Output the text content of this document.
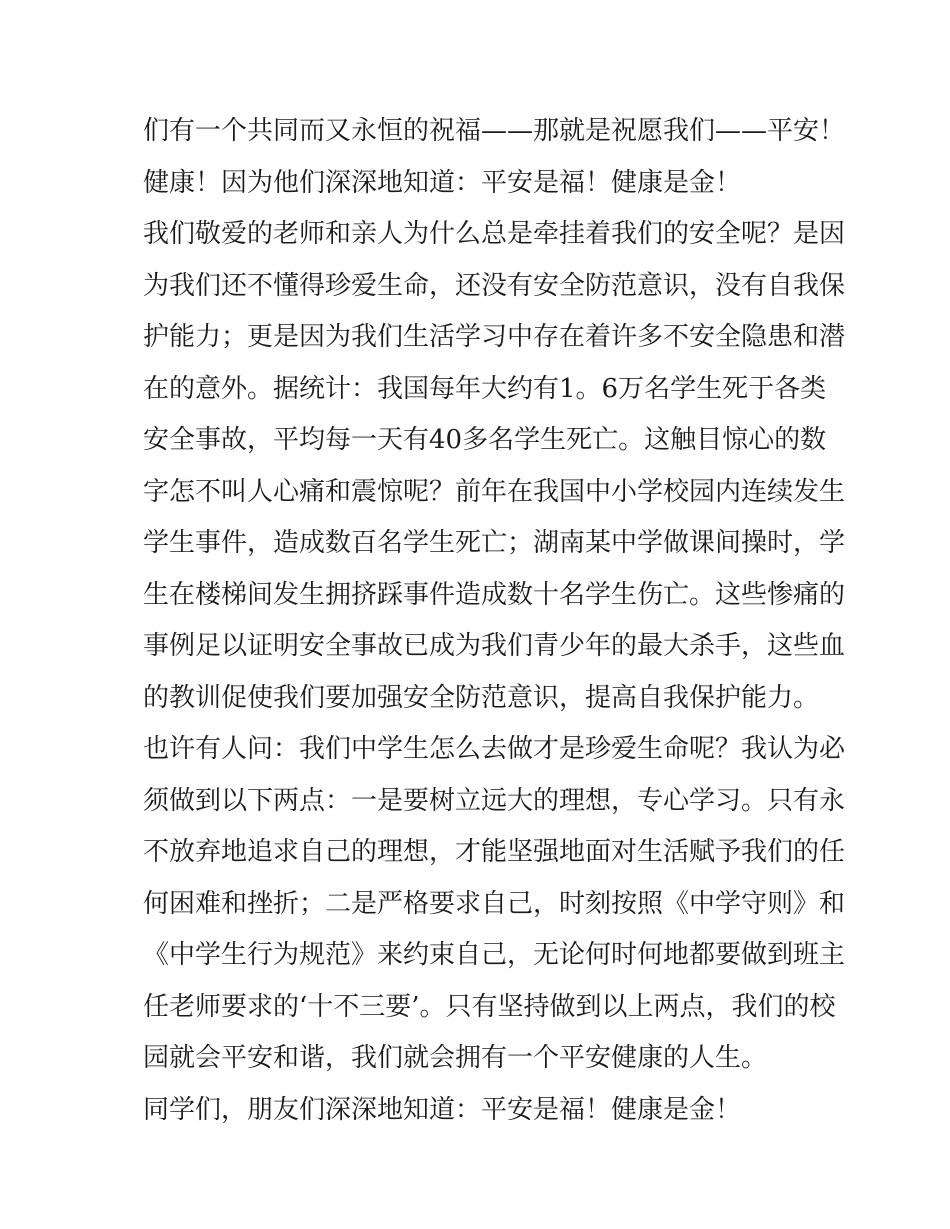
们有一个共同而又永恒的祝福——那就是祝愿我们——平安！
健康！因为他们深深地知道：平安是福！健康是金！
我们敬爱的老师和亲人为什么总是牵挂着我们的安全呢？是因
为我们还不懂得珍爱生命，还没有安全防范意识，没有自我保
护能力；更是因为我们生活学习中存在着许多不安全隐患和潜
在的意外。据统计：我国每年大约有1。6万名学生死于各类
安全事故，平均每一天有40多名学生死亡。这触目惊心的数
字怎不叫人心痛和震惊呢？前年在我国中小学校园内连续发生
学生事件，造成数百名学生死亡；湖南某中学做课间操时，学
生在楼梯间发生拥挤踩事件造成数十名学生伤亡。这些惨痛的
事例足以证明安全事故已成为我们青少年的最大杀手，这些血
的教训促使我们要加强安全防范意识，提高自我保护能力。
也许有人问：我们中学生怎么去做才是珍爱生命呢？我认为必
须做到以下两点：一是要树立远大的理想，专心学习。只有永
不放弃地追求自己的理想，才能坚强地面对生活赋予我们的任
何困难和挫折；二是严格要求自己，时刻按照《中学守则》和
《中学生行为规范》来约束自己，无论何时何地都要做到班主
任老师要求的‘十不三要’。只有坚持做到以上两点，我们的校
园就会平安和谐，我们就会拥有一个平安健康的人生。
同学们，朋友们深深地知道：平安是福！健康是金！
